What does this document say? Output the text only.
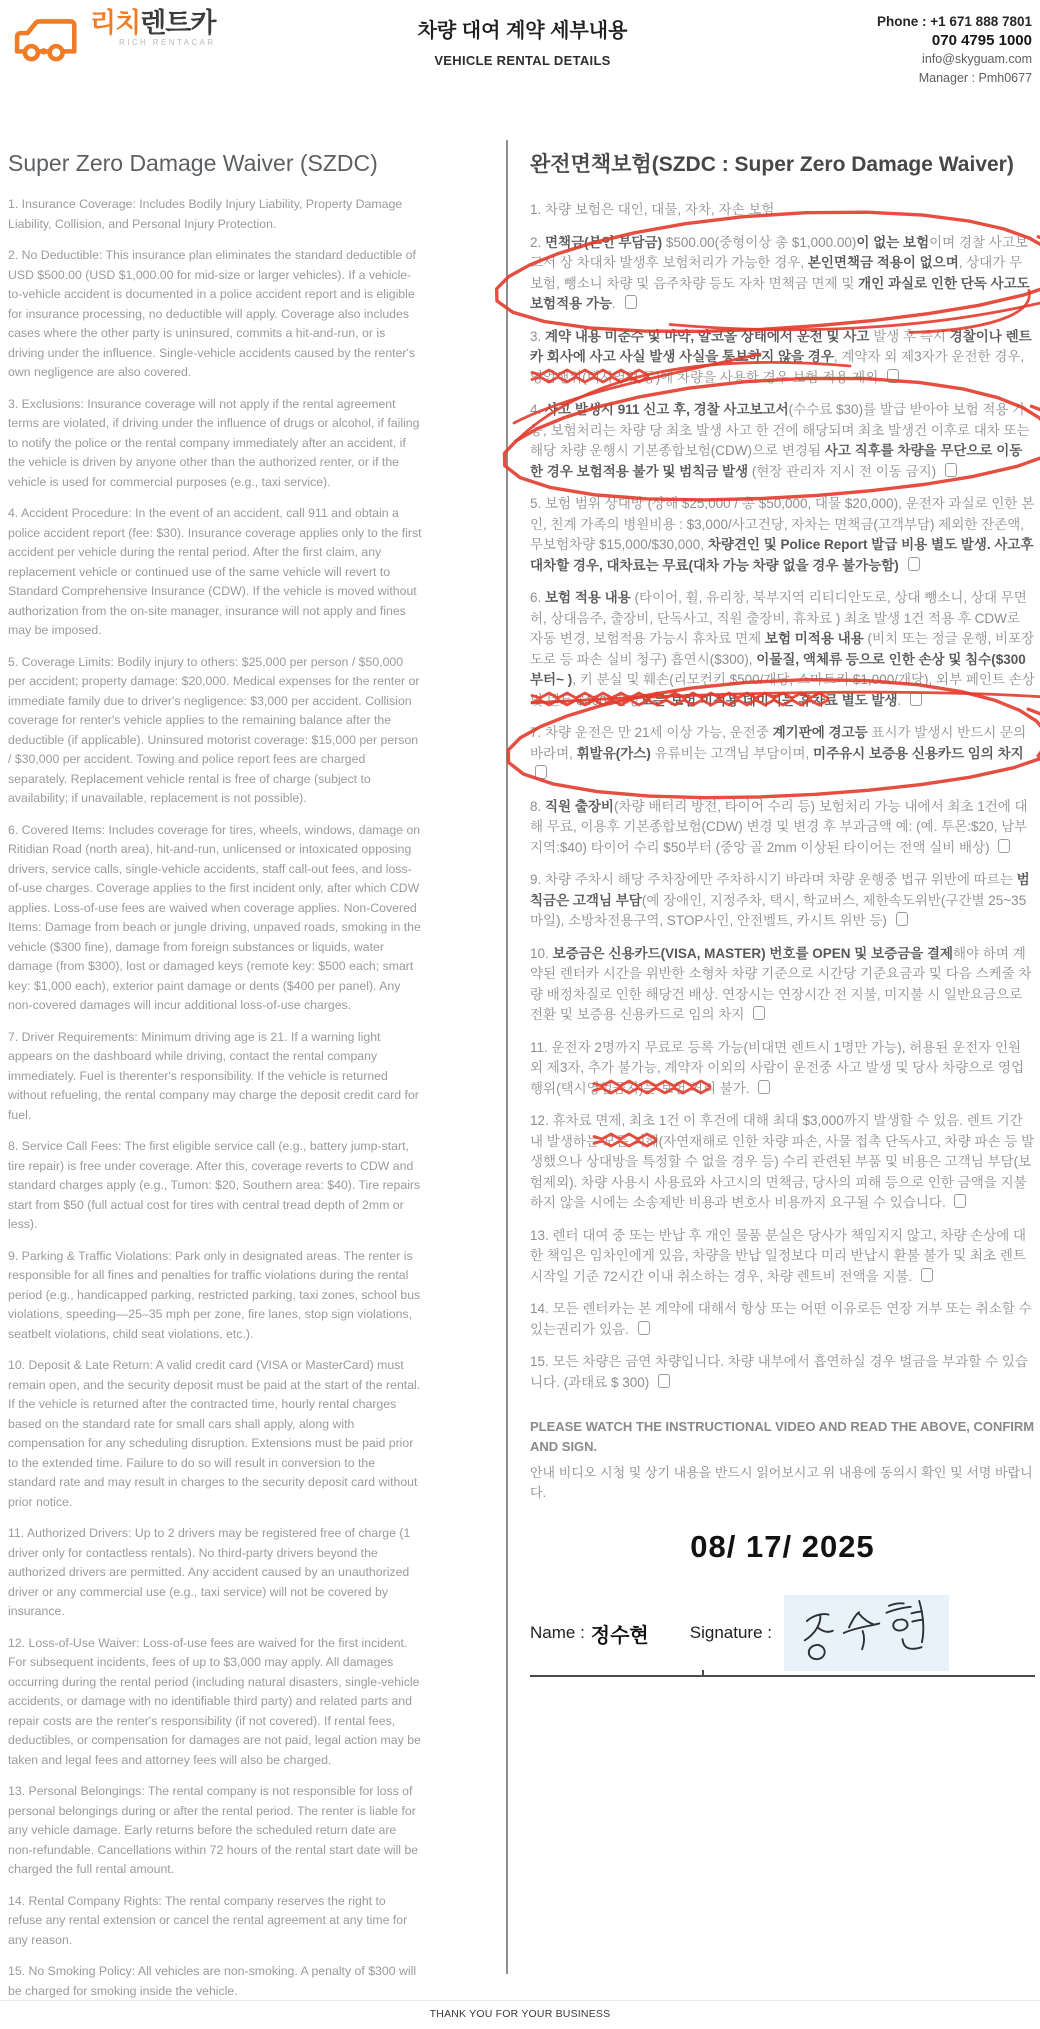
리치렌트카
RICH RENTACAR
차량 대여 계약 세부내용
VEHICLE RENTAL DETAILS
Phone : +1 671 888 7801
070 4795 1000
info@skyguam.com
Manager : Pmh0677
Super Zero Damage Waiver (SZDC)

1. Insurance Coverage: Includes Bodily Injury Liability, Property Damage Liability, Collision, and Personal Injury Protection.

2. No Deductible: This insurance plan eliminates the standard deductible of USD $500.00 (USD $1,000.00 for mid-size or larger vehicles). If a vehicle-to-vehicle accident is documented in a police accident report and is eligible for insurance processing, no deductible will apply. Coverage also includes cases where the other party is uninsured, commits a hit-and-run, or is driving under the influence. Single-vehicle accidents caused by the renter's own negligence are also covered.

3. Exclusions: Insurance coverage will not apply if the rental agreement terms are violated, if driving under the influence of drugs or alcohol, if failing to notify the police or the rental company immediately after an accident, if the vehicle is driven by anyone other than the authorized renter, or if the vehicle is used for commercial purposes (e.g., taxi service).

4. Accident Procedure: In the event of an accident, call 911 and obtain a police accident report (fee: $30). Insurance coverage applies only to the first accident per vehicle during the rental period. After the first claim, any replacement vehicle or continued use of the same vehicle will revert to Standard Comprehensive Insurance (CDW). If the vehicle is moved without authorization from the on-site manager, insurance will not apply and fines may be imposed.

5. Coverage Limits: Bodily injury to others: $25,000 per person / $50,000 per accident; property damage: $20,000. Medical expenses for the renter or immediate family due to driver's negligence: $3,000 per accident. Collision coverage for renter's vehicle applies to the remaining balance after the deductible (if applicable). Uninsured motorist coverage: $15,000 per person / $30,000 per accident. Towing and police report fees are charged separately. Replacement vehicle rental is free of charge (subject to availability; if unavailable, replacement is not possible).

6. Covered Items: Includes coverage for tires, wheels, windows, damage on Ritidian Road (north area), hit-and-run, unlicensed or intoxicated opposing drivers, service calls, single-vehicle accidents, staff call-out fees, and loss-of-use charges. Coverage applies to the first incident only, after which CDW applies. Loss-of-use fees are waived when coverage applies. Non-Covered Items: Damage from beach or jungle driving, unpaved roads, smoking in the vehicle ($300 fine), damage from foreign substances or liquids, water damage (from $300), lost or damaged keys (remote key: $500 each; smart key: $1,000 each), exterior paint damage or dents ($400 per panel). Any non-covered damages will incur additional loss-of-use charges.

7. Driver Requirements: Minimum driving age is 21. If a warning light appears on the dashboard while driving, contact the rental company immediately. Fuel is therenter's responsibility. If the vehicle is returned without refueling, the rental company may charge the deposit credit card for fuel.

8. Service Call Fees: The first eligible service call (e.g., battery jump-start, tire repair) is free under coverage. After this, coverage reverts to CDW and standard charges apply (e.g., Tumon: $20, Southern area: $40). Tire repairs start from $50 (full actual cost for tires with central tread depth of 2mm or less).

9. Parking & Traffic Violations: Park only in designated areas. The renter is responsible for all fines and penalties for traffic violations during the rental period (e.g., handicapped parking, restricted parking, taxi zones, school bus violations, speeding—25–35 mph per zone, fire lanes, stop sign violations, seatbelt violations, child seat violations, etc.).

10. Deposit & Late Return: A valid credit card (VISA or MasterCard) must remain open, and the security deposit must be paid at the start of the rental. If the vehicle is returned after the contracted time, hourly rental charges based on the standard rate for small cars shall apply, along with compensation for any scheduling disruption. Extensions must be paid prior to the extended time. Failure to do so will result in conversion to the standard rate and may result in charges to the security deposit card without prior notice.

11. Authorized Drivers: Up to 2 drivers may be registered free of charge (1 driver only for contactless rentals). No third-party drivers beyond the authorized drivers are permitted. Any accident caused by an unauthorized driver or any commercial use (e.g., taxi service) will not be covered by insurance.

12. Loss-of-Use Waiver: Loss-of-use fees are waived for the first incident. For subsequent incidents, fees of up to $3,000 may apply. All damages occurring during the rental period (including natural disasters, single-vehicle accidents, or damage with no identifiable third party) and related parts and repair costs are the renter's responsibility (if not covered). If rental fees, deductibles, or compensation for damages are not paid, legal action may be taken and legal fees and attorney fees will also be charged.

13. Personal Belongings: The rental company is not responsible for loss of personal belongings during or after the rental period. The renter is liable for any vehicle damage. Early returns before the scheduled return date are non-refundable. Cancellations within 72 hours of the rental start date will be charged the full rental amount.

14. Rental Company Rights: The rental company reserves the right to refuse any rental extension or cancel the rental agreement at any time for any reason.

15. No Smoking Policy: All vehicles are non-smoking. A penalty of $300 will be charged for smoking inside the vehicle.

완전면책보험(SZDC : Super Zero Damage Waiver)

1. 차량 보험은 대인, 대물, 자차, 자손 보험

2. 면책금(본인 부담금) $500.00(중형이상 총 $1,000.00)이 없는 보험이며 경찰 사고보고서 상 차대차 발생후 보험처리가 가능한 경우, 본인면책금 적용이 없으며, 상대가 무보험, 뺑소니 차량 및 음주차량 등도 자차 면책금 면제 및 개인 과실로 인한 단독 사고도 보험적용 가능.

3. 계약 내용 미준수 및 마약, 알코올 상태에서 운전 및 사고 발생 후 즉시 경찰이나 렌트카 회사에 사고 사실 발생 사실을 통보하지 않을 경우, 계약자 외 제3자가 운전한 경우, 영업행위(택시영업 등)에 차량을 사용한 경우 보험 적용 제외

4. 사고 발생시 911 신고 후, 경찰 사고보고서(수수료 $30)를 발급 받아야 보험 적용 가능, 보험처리는 차량 당 최초 발생 사고 한 건에 해당되며 최초 발생건 이후로 대차 또는 해당 차량 운행시 기본종합보험(CDW)으로 변경됨 사고 직후를 차량을 무단으로 이동한 경우 보험적용 불가 및 범칙금 발생 (현장 관리자 지시 전 이동 금지)

5. 보험 범위 상대방 (상해 $25,000 / 총 $50,000, 대물 $20,000), 운전자 과실로 인한 본인, 친계 가족의 병원비용 : $3,000/사고건당, 자차는 면책금(고객부담) 제외한 잔존액, 무보험차량 $15,000/$30,000, 차량견인 및 Police Report 발급 비용 별도 발생. 사고후 대차할 경우, 대차료는 무료(대차 가능 차량 없을 경우 불가능함)

6. 보험 적용 내용 (타이어, 휠, 유리창, 북부지역 리티디안도로, 상대 뺑소니, 상대 무면허, 상대음주, 출장비, 단독사고, 직원 출장비, 휴차료 ) 최초 발생 1건 적용 후 CDW로 자동 변경, 보험적용 가능시 휴차료 면제 보험 미적용 내용 (비치 또는 정글 운행, 비포장도로 등 파손 실비 청구) 흡연시($300), 이물질, 액체류 등으로 인한 손상 및 침수($300부터~ ), 키 분실 및 훼손(리모컨키 $500/개당, 스마트키 $1,000/개당), 외부 페인트 손상 및 덴트 $400 /판당모든 보험 미적용 데미지는 휴차료 별도 발생.

7. 차량 운전은 만 21세 이상 가능, 운전중 계기판에 경고등 표시가 발생시 반드시 문의 바라며, 휘발유(가스) 유류비는 고객님 부담이며, 미주유시 보증용 신용카드 임의 차지

8. 직원 출장비(차량 배터리 방전, 타이어 수리 등) 보험처리 가능 내에서 최초 1건에 대해 무료, 이용후 기본종합보험(CDW) 변경 및 변경 후 부과금액 예: (예. 투몬:$20, 남부지역:$40) 타이어 수리 $50부터 (중앙 골 2mm 이상된 타이어는 전액 실비 배상)

9. 차량 주차시 해당 주차장에만 주차하시기 바라며 차량 운행중 법규 위반에 따르는 범칙금은 고객님 부담(예 장애인, 지정주차, 택시, 학교버스, 제한속도위반(구간별 25~35마일), 소방차전용구역, STOP사인, 안전벨트, 카시트 위반 등)

10. 보증금은 신용카드(VISA, MASTER) 번호를 OPEN 및 보증금을 결제해야 하며 계약된 렌터카 시간을 위반한 소형차 차량 기준으로 시간당 기준요금과 및 다음 스케줄 차량 배정차질로 인한 해당건 배상. 연장시는 연장시간 전 지불, 미지불 시 일반요금으로 전환 및 보증용 신용카드로 임의 차지

11. 운전자 2명까지 무료로 등록 가능(비대면 렌트시 1명만 가능), 허용된 운전자 인원 외 제3자, 추가 불가능, 계약자 이외의 사람이 운전중 사고 발생 및 당사 차량으로 영업행위(택시영업금지)는 보험 처리 불가.

12. 휴차료 면제, 최초 1건 이 후건에 대해 최대 $3,000까지 발생할 수 있음. 렌트 기간 내 발생하는 모든 피해(자연재해로 인한 차량 파손, 사물 접촉 단독사고, 차량 파손 등 발생했으나 상대방을 특정할 수 없을 경우 등) 수리 관련된 부품 및 비용은 고객님 부담(보험제외). 차량 사용시 사용료와 사고시의 면책금, 당사의 피해 등으로 인한 금액을 지불하지 않을 시에는 소송제반 비용과 변호사 비용까지 요구될 수 있습니다.

13. 렌터 대여 중 또는 반납 후 개인 물품 분실은 당사가 책임지지 않고, 차량 손상에 대한 책임은 임차인에게 있음, 차량을 반납 일정보다 미리 반납시 환불 불가 및 최초 렌트 시작일 기준 72시간 이내 취소하는 경우, 차량 렌트비 전액을 지불.

14. 모든 렌터카는 본 계약에 대해서 항상 또는 어떤 이유로든 연장 거부 또는 취소할 수 있는권리가 있음.

15. 모든 차량은 금연 차량입니다. 차량 내부에서 흡연하실 경우 벌금을 부과할 수 있습니다. (과태료 $ 300)

PLEASE WATCH THE INSTRUCTIONAL VIDEO AND READ THE ABOVE, CONFIRM AND SIGN.

안내 비디오 시청 및 상기 내용을 반드시 읽어보시고 위 내용에 동의시 확인 및 서명 바랍니다.

08/ 17/ 2025
Name : 정수현 Signature :
THANK YOU FOR YOUR BUSINESS
